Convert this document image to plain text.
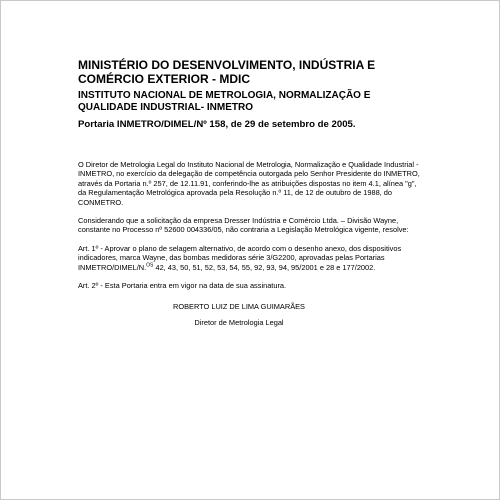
MINISTÉRIO DO DESENVOLVIMENTO, INDÚSTRIA E
COMÉRCIO EXTERIOR - MDIC

INSTITUTO NACIONAL DE METROLOGIA, NORMALIZAÇÃO E
QUALIDADE INDUSTRIAL- INMETRO

Portaria INMETRO/DIMEL/Nº 158, de 29 de setembro de 2005.

O Diretor de Metrologia Legal do Instituto Nacional de Metrologia, Normalização e Qualidade Industrial - INMETRO, no exercício da delegação de competência outorgada pelo Senhor Presidente do INMETRO, através da Portaria n.º 257, de 12.11.91, conferindo-lhe as atribuições dispostas no item 4.1, alínea "g", da Regulamentação Metrológica aprovada pela Resolução n.º 11, de 12 de outubro de 1988, do CONMETRO.

Considerando que a solicitação da empresa Dresser Indústria e Comércio Ltda. – Divisão Wayne, constante no Processo nº 52600 004336/05, não contraria a Legislação Metrológica vigente, resolve:

Art. 1º - Aprovar o plano de selagem alternativo, de acordo com o desenho anexo, dos dispositivos indicadores, marca Wayne, das bombas medidoras série 3/G2200, aprovadas pelas Portarias INMETRO/DIMEL/N.$^{OS}$ 42, 43, 50, 51, 52, 53, 54, 55, 92, 93, 94, 95/2001 e 28 e 177/2002.

Art. 2º - Esta Portaria entra em vigor na data de sua assinatura.

ROBERTO LUIZ DE LIMA GUIMARÃES
Diretor de Metrologia Legal
